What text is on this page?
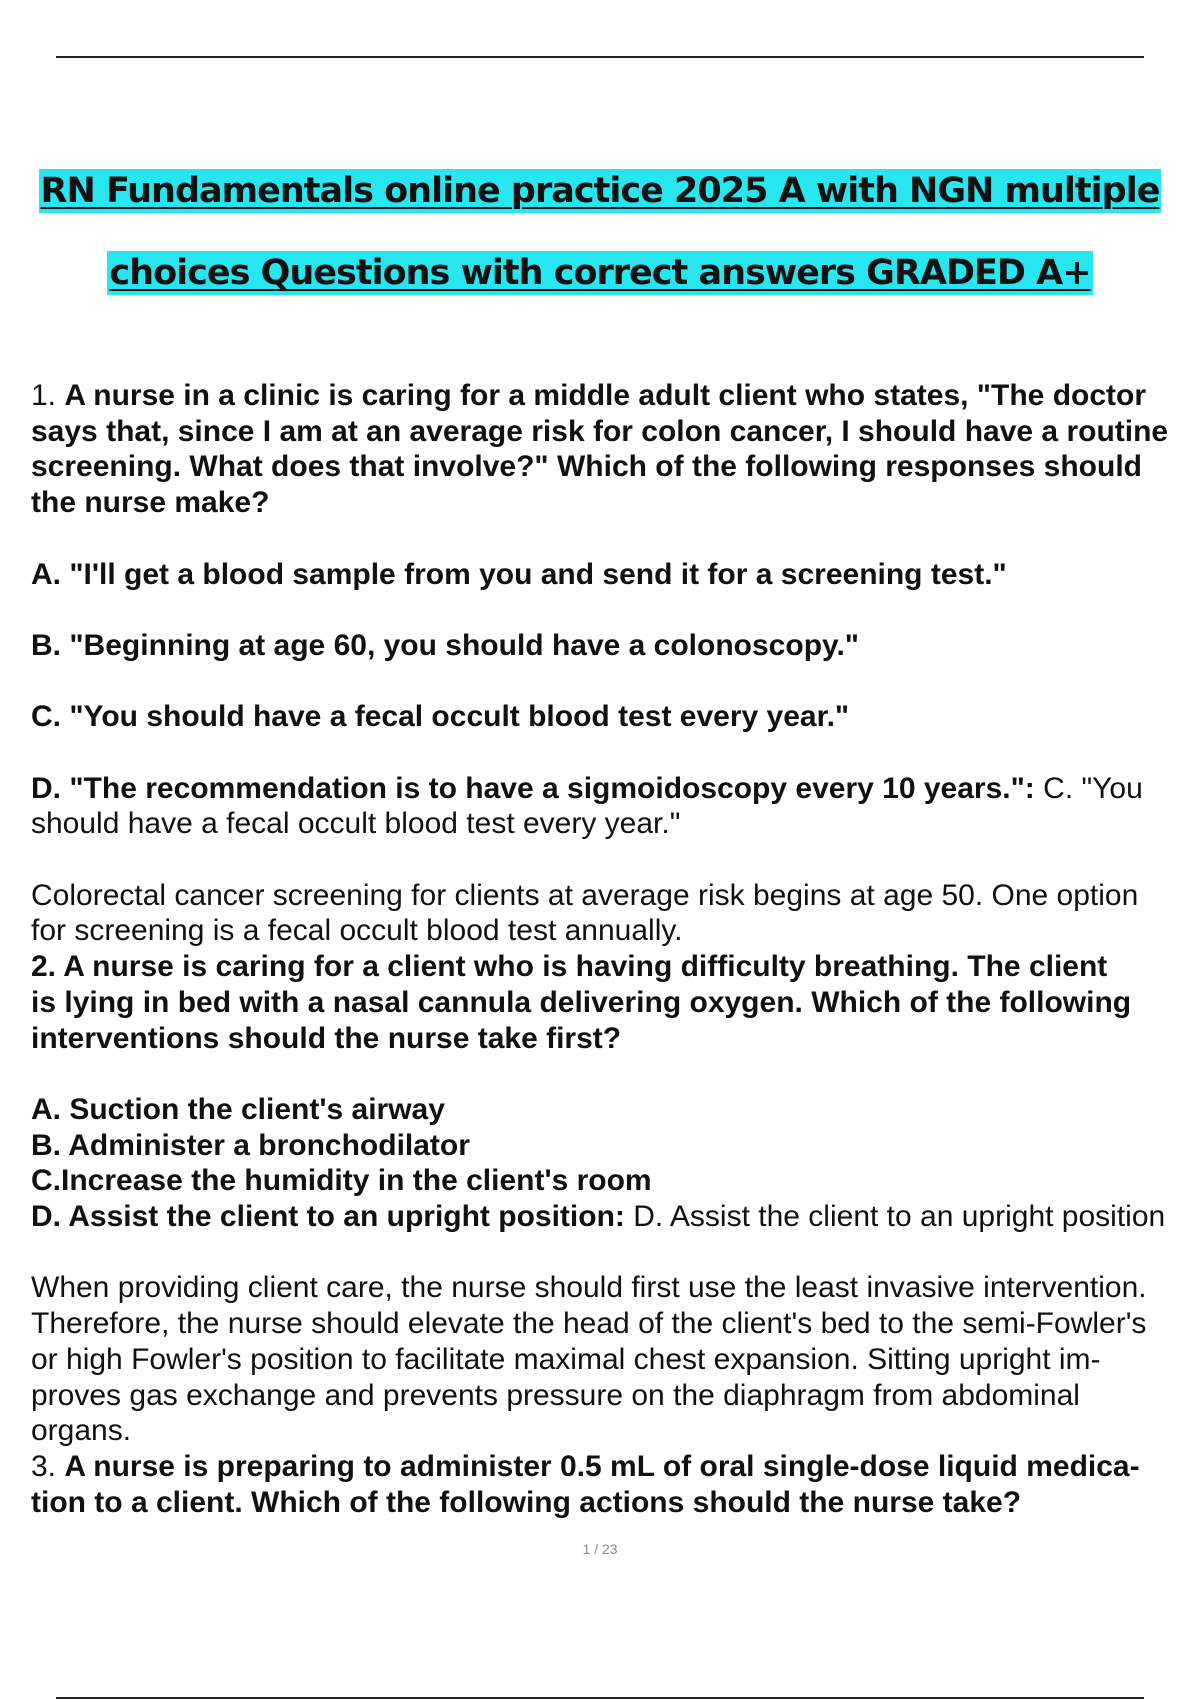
RN Fundamentals online practice 2025 A with NGN multiple
choices Questions with correct answers GRADED A+

1. A nurse in a clinic is caring for a middle adult client who states, "The doctor

says that, since I am at an average risk for colon cancer, I should have a routine

screening. What does that involve?" Which of the following responses should

the nurse make?

A. "I'll get a blood sample from you and send it for a screening test."

B. "Beginning at age 60, you should have a colonoscopy."

C. "You should have a fecal occult blood test every year."

D. "The recommendation is to have a sigmoidoscopy every 10 years.": C. "You

should have a fecal occult blood test every year."

Colorectal cancer screening for clients at average risk begins at age 50. One option

for screening is a fecal occult blood test annually.

2. A nurse is caring for a client who is having difficulty breathing. The client

is lying in bed with a nasal cannula delivering oxygen. Which of the following

interventions should the nurse take first?

A. Suction the client's airway

B. Administer a bronchodilator

C.Increase the humidity in the client's room

D. Assist the client to an upright position: D. Assist the client to an upright position

When providing client care, the nurse should first use the least invasive intervention.

Therefore, the nurse should elevate the head of the client's bed to the semi-Fowler's

or high Fowler's position to facilitate maximal chest expansion. Sitting upright im-

proves gas exchange and prevents pressure on the diaphragm from abdominal

organs.

3. A nurse is preparing to administer 0.5 mL of oral single-dose liquid medica-

tion to a client. Which of the following actions should the nurse take?

1 / 23
